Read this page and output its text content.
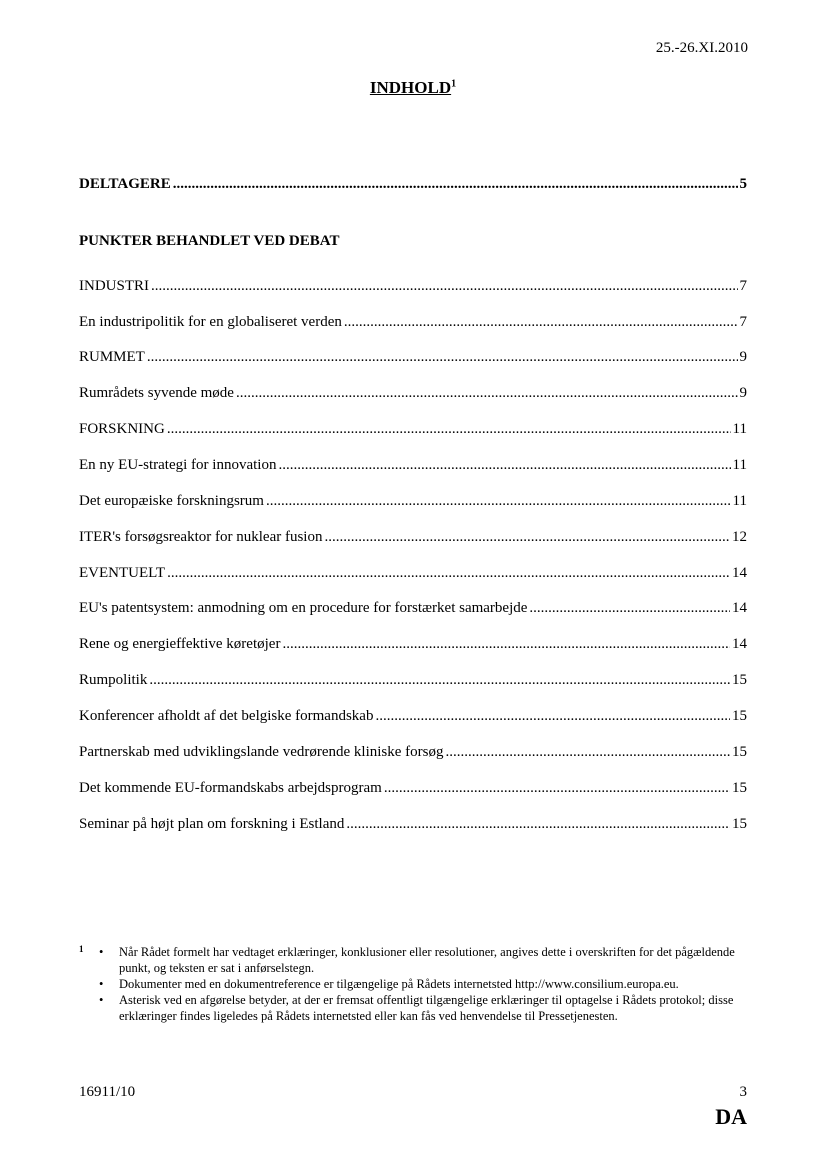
25.-26.XI.2010
INDHOLD$^1$
DELTAGERE .....	5
PUNKTER BEHANDLET VED DEBAT
INDUSTRI .....	7
En industripolitik for en globaliseret verden .....	7
RUMMET .....	9
Rumrådets syvende møde .....	9
FORSKNING .....	11
En ny EU-strategi for innovation .....	11
Det europæiske forskningsrum .....	11
ITER's forsøgsreaktor for nuklear fusion .....	12
EVENTUELT .....	14
EU's patentsystem: anmodning om en procedure for forstærket samarbejde .....	14
Rene og energieffektive køretøjer .....	14
Rumpolitik .....	15
Konferencer afholdt af det belgiske formandskab .....	15
Partnerskab med udviklingslande vedrørende kliniske forsøg .....	15
Det kommende EU-formandskabs arbejdsprogram .....	15
Seminar på højt plan om forskning i Estland .....	15
1 • Når Rådet formelt har vedtaget erklæringer, konklusioner eller resolutioner, angives dette i overskriften for det pågældende punkt, og teksten er sat i anførselstegn.
• Dokumenter med en dokumentreference er tilgængelige på Rådets internetsted http://www.consilium.europa.eu.
• Asterisk ved en afgørelse betyder, at der er fremsat offentligt tilgængelige erklæringer til optagelse i Rådets protokol; disse erklæringer findes ligeledes på Rådets internetsted eller kan fås ved henvendelse til Pressetjenesten.
16911/10	3
DA
